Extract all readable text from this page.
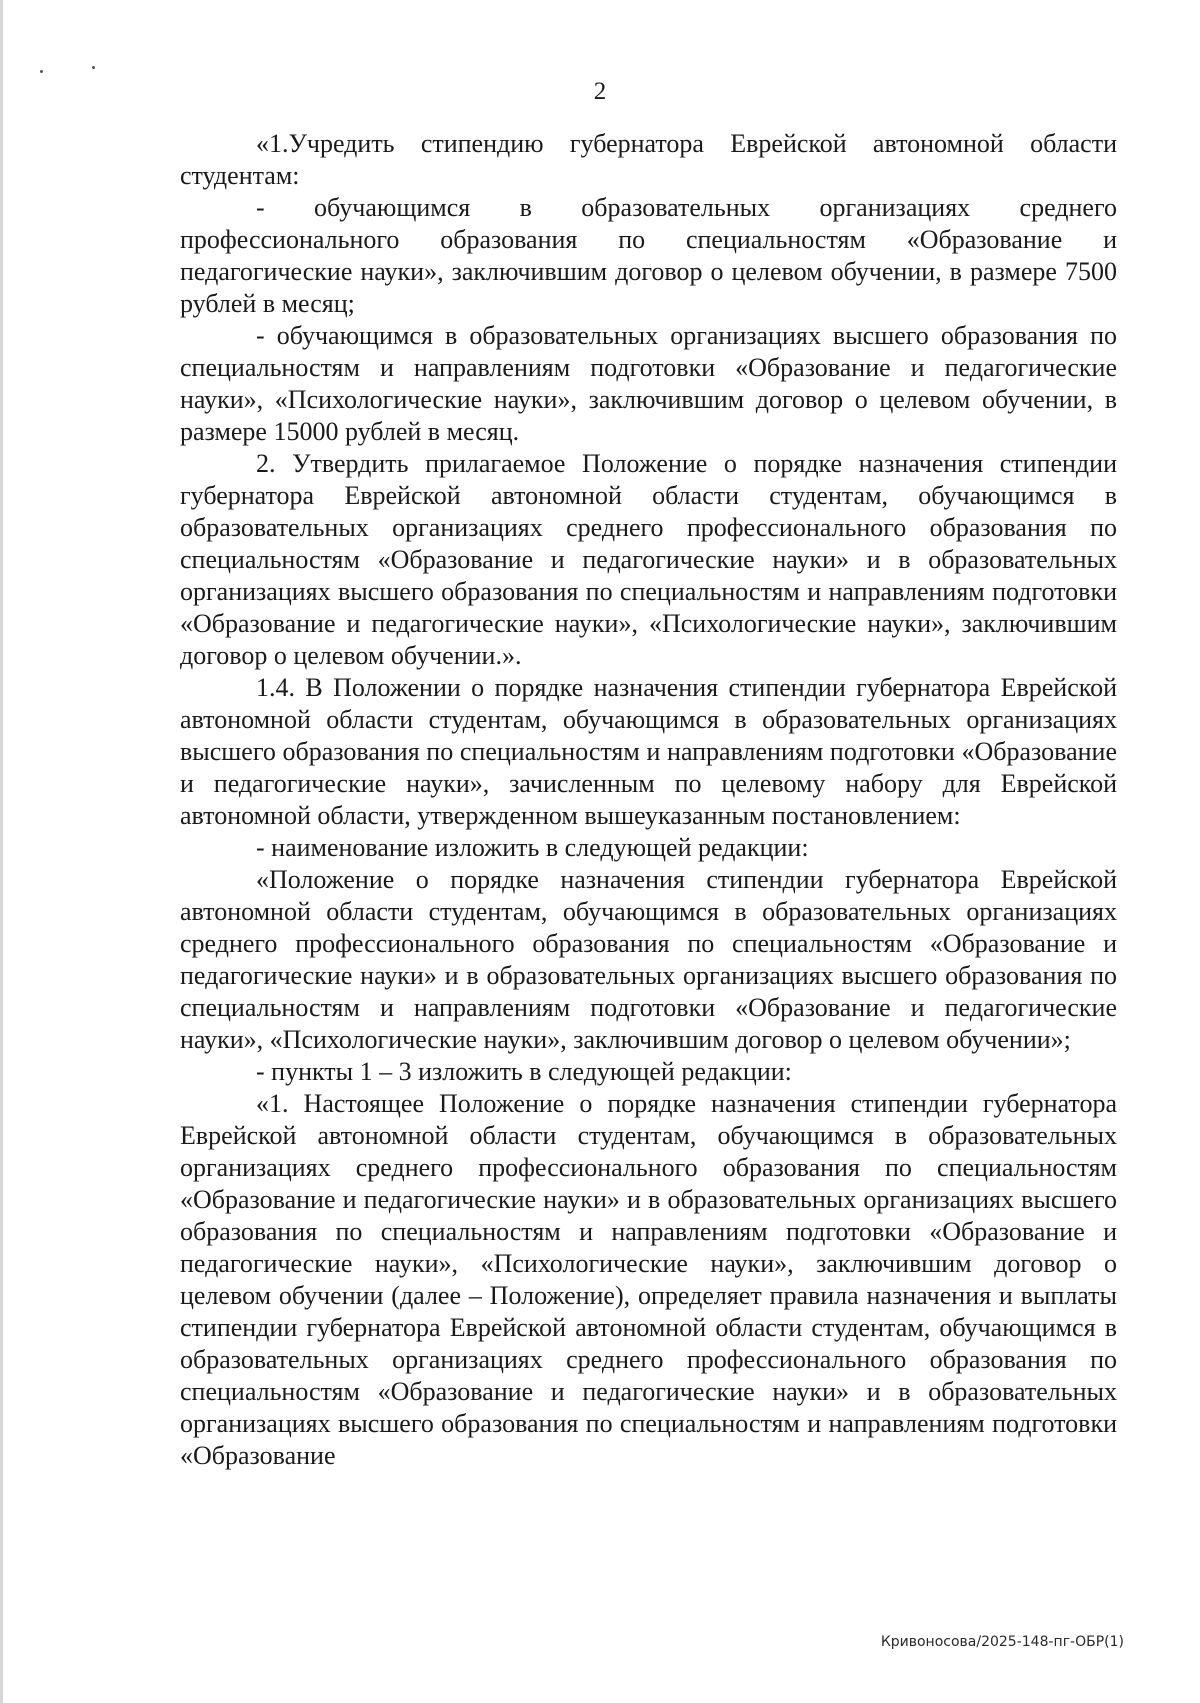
2

«1.Учредить стипендию губернатора Еврейской автономной области студентам:

- обучающимся в образовательных организациях среднего профессионального образования по специальностям «Образование и педагогические науки», заключившим договор о целевом обучении, в размере 7500 рублей в месяц;

- обучающимся в образовательных организациях высшего образования по специальностям и направлениям подготовки «Образование и педагогические науки», «Психологические науки», заключившим договор о целевом обучении, в размере 15000 рублей в месяц.

2. Утвердить прилагаемое Положение о порядке назначения стипендии губернатора Еврейской автономной области студентам, обучающимся в образовательных организациях среднего профессионального образования по специальностям «Образование и педагогические науки» и в образовательных организациях высшего образования по специальностям и направлениям подготовки «Образование и педагогические науки», «Психологические науки», заключившим договор о целевом обучении.».

1.4. В Положении о порядке назначения стипендии губернатора Еврейской автономной области студентам, обучающимся в образовательных организациях высшего образования по специальностям и направлениям подготовки «Образование и педагогические науки», зачисленным по целевому набору для Еврейской автономной области, утвержденном вышеуказанным постановлением:

- наименование изложить в следующей редакции:

«Положение о порядке назначения стипендии губернатора Еврейской автономной области студентам, обучающимся в образовательных организациях среднего профессионального образования по специальностям «Образование и педагогические науки» и в образовательных организациях высшего образования по специальностям и направлениям подготовки «Образование и педагогические науки», «Психологические науки», заключившим договор о целевом обучении»;

- пункты 1 – 3 изложить в следующей редакции:

«1. Настоящее Положение о порядке назначения стипендии губернатора Еврейской автономной области студентам, обучающимся в образовательных организациях среднего профессионального образования по специальностям «Образование и педагогические науки» и в образовательных организациях высшего образования по специальностям и направлениям подготовки «Образование и педагогические науки», «Психологические науки», заключившим договор о целевом обучении (далее – Положение), определяет правила назначения и выплаты стипендии губернатора Еврейской автономной области студентам, обучающимся в образовательных организациях среднего профессионального образования по специальностям «Образование и педагогические науки» и в образовательных организациях высшего образования по специальностям и направлениям подготовки «Образование

Кривоносова/2025-148-пг-ОБР(1)
